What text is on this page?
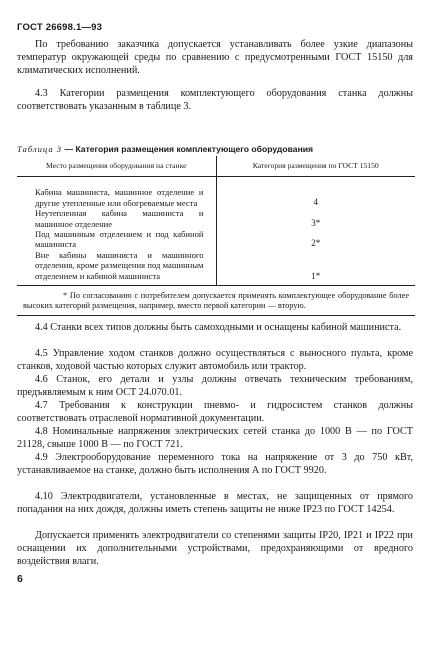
ГОСТ 26698.1—93

По требованию заказчика допускается устанавливать более узкие диапазоны температур окружающей среды по сравнению с предусмотренными ГОСТ 15150 для климатических исполнений.

4.3 Категории размещения комплектующего оборудования станка должны соответствовать указанным в таблице 3.

Таблица 3 — Категория размещения комплектующего оборудования
Место размещения оборудования на станке	Категория размещения по ГОСТ 15150
Кабина машиниста, машинное отделение и другие утепленные или обогреваемые места	4
Неутепленная кабина машиниста и машинное отделение	3*
Под машинным отделением и под кабиной машиниста	2*
Вне кабины машиниста и машинного отделения, кроме размещения под машинным отделением и кабиной машиниста	1*
* По согласованию с потребителем допускается применять комплектующее оборудование более высоких категорий размещения, например, вместо первой категории — вторую.	

4.4 Станки всех типов должны быть самоходными и оснащены кабиной машиниста.

4.5 Управление ходом станков должно осуществляться с выносного пульта, кроме станков, ходовой частью которых служит автомобиль или трактор.

4.6 Станок, его детали и узлы должны отвечать техническим требованиям, предъявляемым к ним ОСТ 24.070.01.

4.7 Требования к конструкции пневмо- и гидросистем станков должны соответствовать отраслевой нормативной документации.

4.8 Номинальные напряжения электрических сетей станка до 1000 В — по ГОСТ 21128, свыше 1000 В — по ГОСТ 721.

4.9 Электрооборудование переменного тока на напряжение от 3 до 750 кВт, устанавливаемое на станке, должно быть исполнения А по ГОСТ 9920.

4.10 Электродвигатели, установленные в местах, не защищенных от прямого попадания на них дождя, должны иметь степень защиты не ниже IP23 по ГОСТ 14254.

Допускается применять электродвигатели со степенями защиты IP20, IP21 и IP22 при оснащении их дополнительными устройствами, предохраняющими от вредного воздействия влаги.

6
